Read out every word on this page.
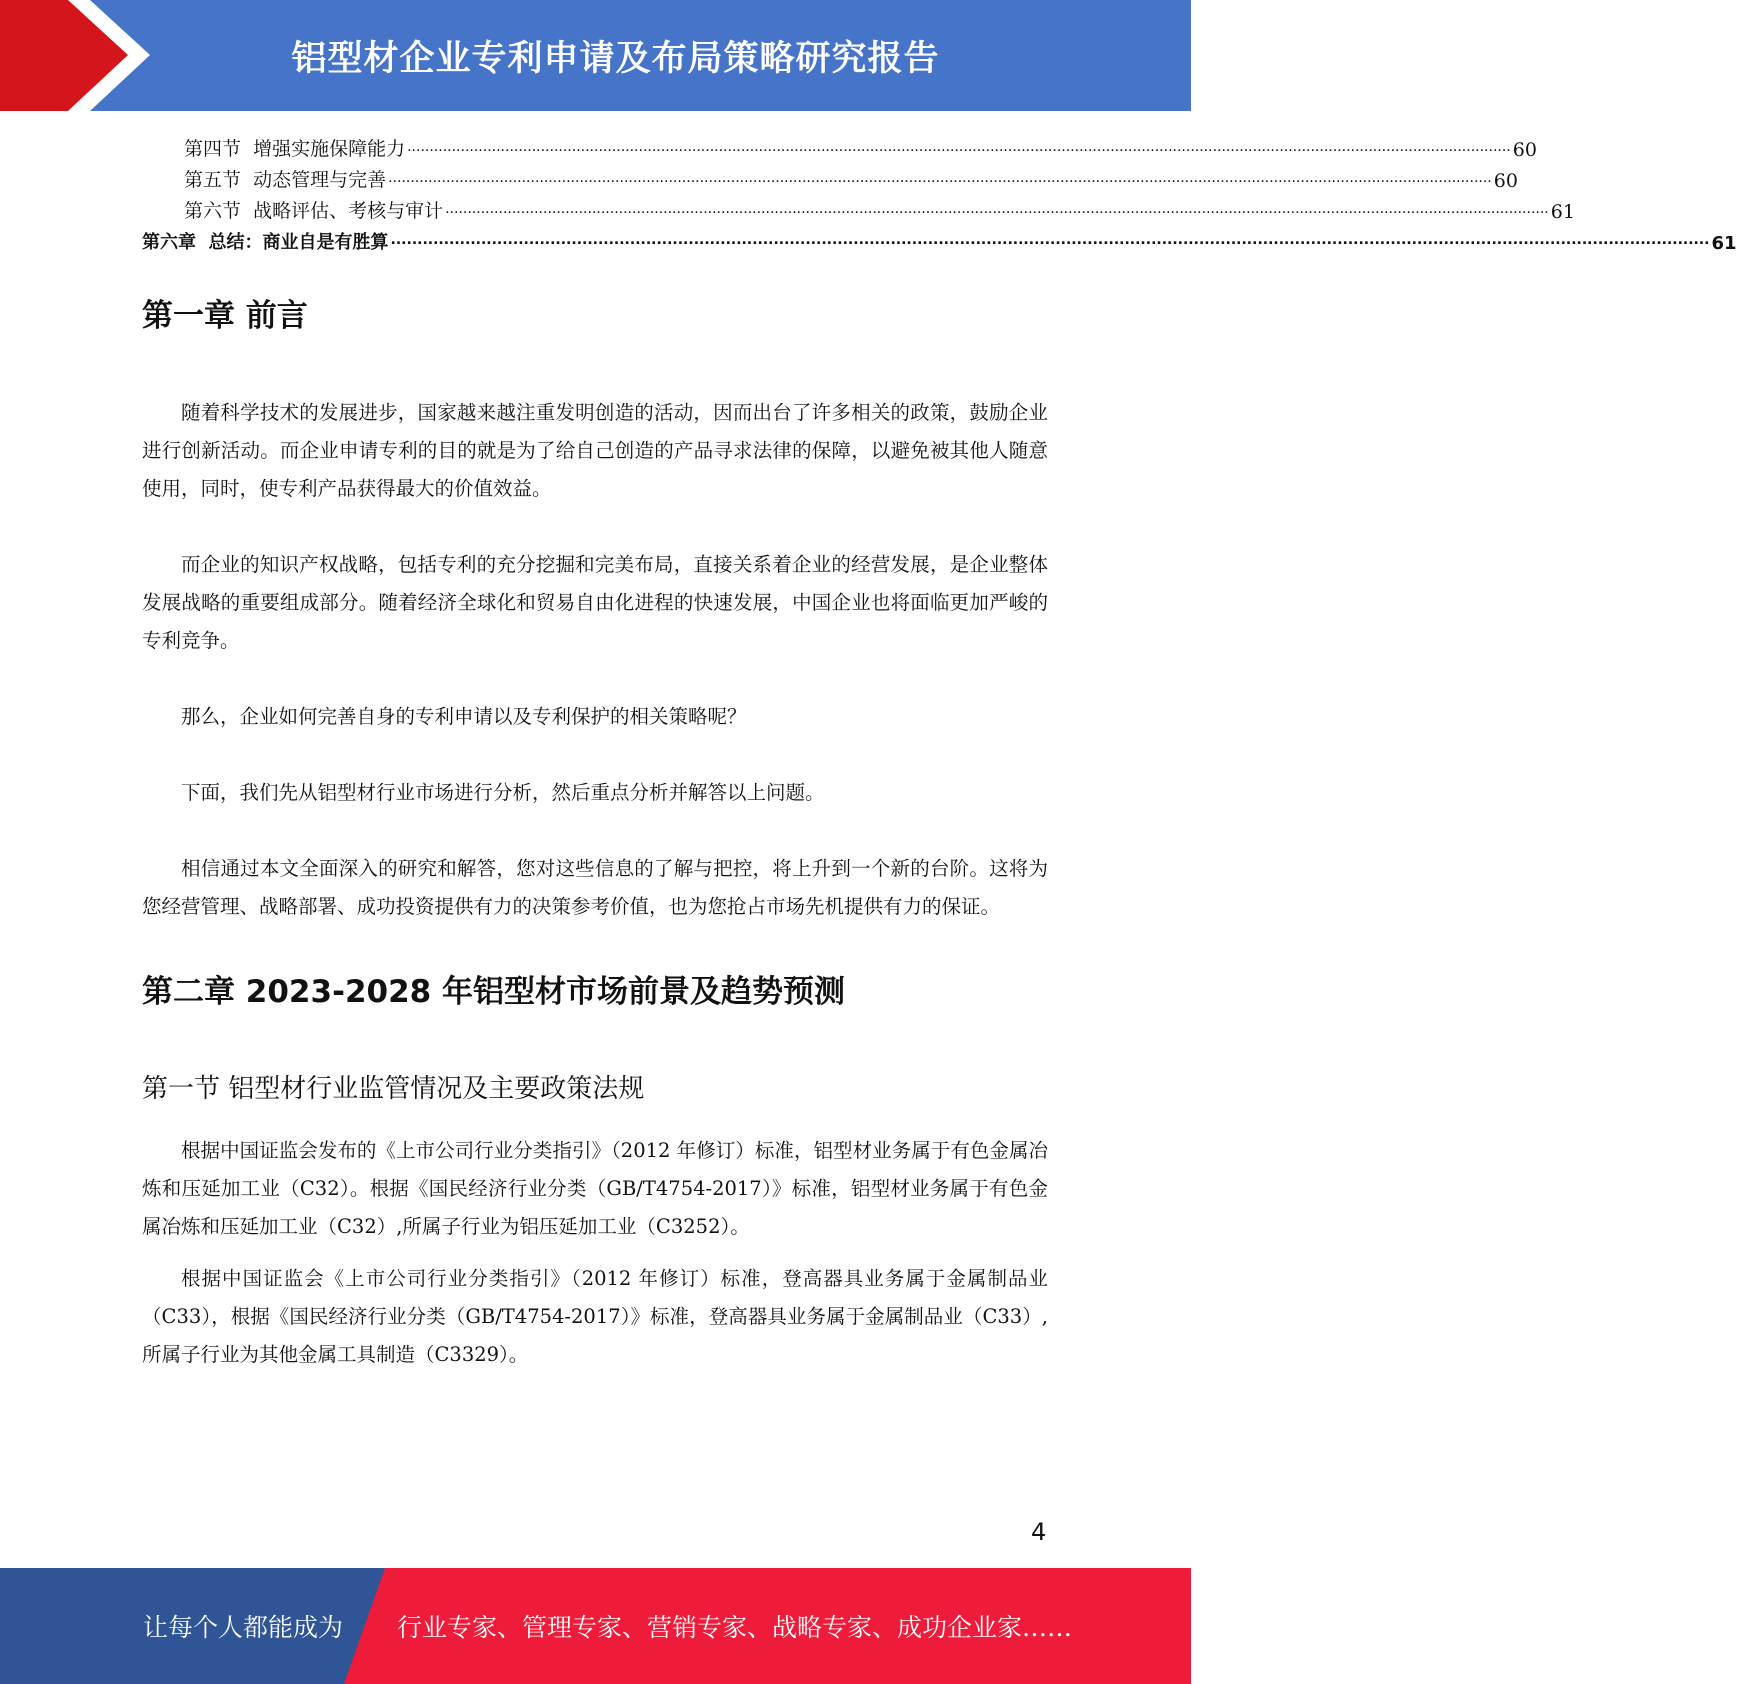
铝型材企业专利申请及布局策略研究报告
第四节  增强实施保障能力 ........................................................................................................................................................................................................................................................ 60
第五节  动态管理与完善 ........................................................................................................................................................................................................................................................ 60
第六节  战略评估、考核与审计 ........................................................................................................................................................................................................................................................ 61
第六章  总结：商业自是有胜算 ........................................................................................................................................................................................................................................................ 61
第一章 前言

随着科学技术的发展进步，国家越来越注重发明创造的活动，因而出台了许多相关的政策，鼓励企业进行创新活动。而企业申请专利的目的就是为了给自己创造的产品寻求法律的保障，以避免被其他人随意使用，同时，使专利产品获得最大的价值效益。

而企业的知识产权战略，包括专利的充分挖掘和完美布局，直接关系着企业的经营发展，是企业整体发展战略的重要组成部分。随着经济全球化和贸易自由化进程的快速发展，中国企业也将面临更加严峻的专利竞争。

那么，企业如何完善自身的专利申请以及专利保护的相关策略呢？

下面，我们先从铝型材行业市场进行分析，然后重点分析并解答以上问题。

相信通过本文全面深入的研究和解答，您对这些信息的了解与把控，将上升到一个新的台阶。这将为您经营管理、战略部署、成功投资提供有力的决策参考价值，也为您抢占市场先机提供有力的保证。

第二章 2023-2028 年铝型材市场前景及趋势预测
第一节 铝型材行业监管情况及主要政策法规

根据中国证监会发布的《上市公司行业分类指引》（2012 年修订）标准，铝型材业务属于有色金属冶炼和压延加工业（C32）。根据《国民经济行业分类（GB/T4754-2017）》标准，铝型材业务属于有色金属冶炼和压延加工业（C32）,所属子行业为铝压延加工业（C3252）。

根据中国证监会《上市公司行业分类指引》（2012 年修订）标准，登高器具业务属于金属制品业（C33），根据《国民经济行业分类（GB/T4754-2017）》标准，登高器具业务属于金属制品业（C33）,所属子行业为其他金属工具制造（C3329）。

4
让每个人都能成为 行业专家、管理专家、营销专家、战略专家、成功企业家……
